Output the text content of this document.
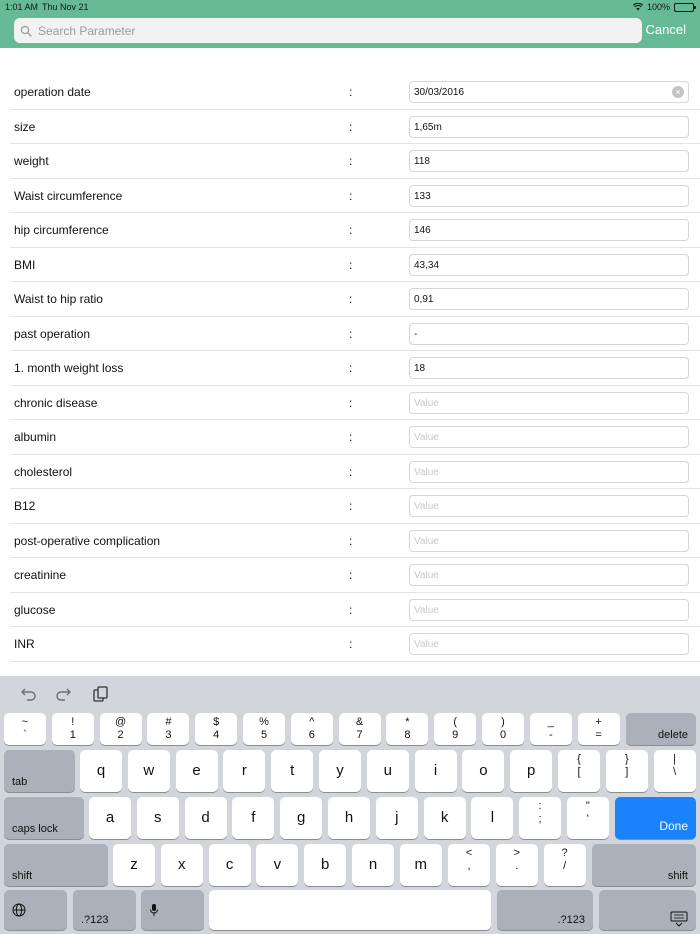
1:01 AM Thu Nov 21	100%
Search Parameter
Cancel
operation date	:
30/03/2016	×
size	:
1,65m
weight	:
118
Waist circumference	:
133
hip circumference	:
146
BMI	:
43,34
Waist to hip ratio	:
0,91
past operation	:
-
1. month weight loss	:
18
chronic disease	:
Value
albumin	:
Value
cholesterol	:
Value
B12	:
Value
post-operative complication	:
Value
creatinine	:
Value
glucose	:
Value
INR	:
Value
~
`
!
1
@
2
#
3
$
4
%
5
^
6
&
7
*
8
(
9
)
0
_
-
+
=	delete
tab
q	w	e	r	t	y	u	i	o	p
{
[
}
]
|
\
caps lock
a	s	d	f	g	h	j	k	l
:
;
"
'	Done
shift
z	x	c	v	b	n	m
<
,
>
.
?
/
shift
.?123	.?123
